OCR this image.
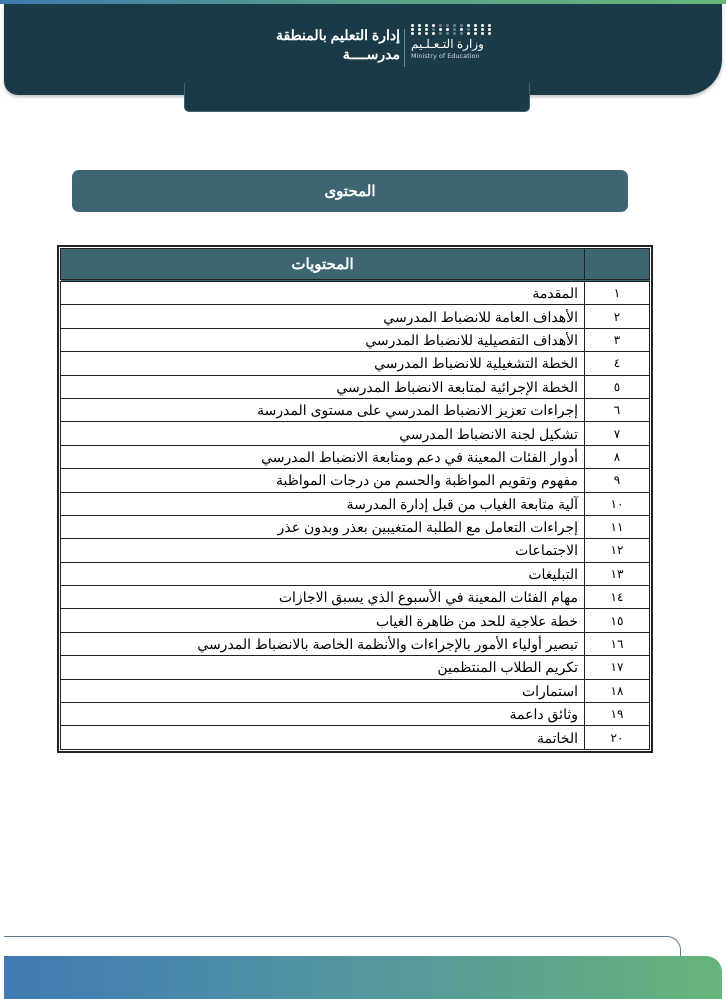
إدارة التعليم بالمنطقة
مدرســــة
وزارة التـعـلـيم
Ministry of Education
المحتوى
	المحتويات
١	المقدمة
٢	الأهداف العامة للانضباط المدرسي
٣	الأهداف التفصيلية للانضباط المدرسي
٤	الخطة التشغيلية للانضباط المدرسي
٥	الخطة الإجرائية لمتابعة الانضباط المدرسي
٦	إجراءات تعزيز الانضباط المدرسي على مستوى المدرسة
٧	تشكيل لجنة الانضباط المدرسي
٨	أدوار الفئات المعينة في دعم ومتابعة الانضباط المدرسي
٩	مفهوم وتقويم المواظبة والحسم من درجات المواظبة
١٠	آلية متابعة الغياب من قبل إدارة المدرسة
١١	إجراءات التعامل مع الطلبة المتغيبين بعذر وبدون عذر
١٢	الاجتماعات
١٣	التبليغات
١٤	مهام الفئات المعينة في الأسبوع الذي يسبق الاجازات
١٥	خطة علاجية للحد من ظاهرة الغياب
١٦	تبصير أولياء الأمور بالإجراءات والأنظمة الخاصة بالانضباط المدرسي
١٧	تكريم الطلاب المنتظمين
١٨	استمارات
١٩	وثائق داعمة
٢٠	الخاتمة
